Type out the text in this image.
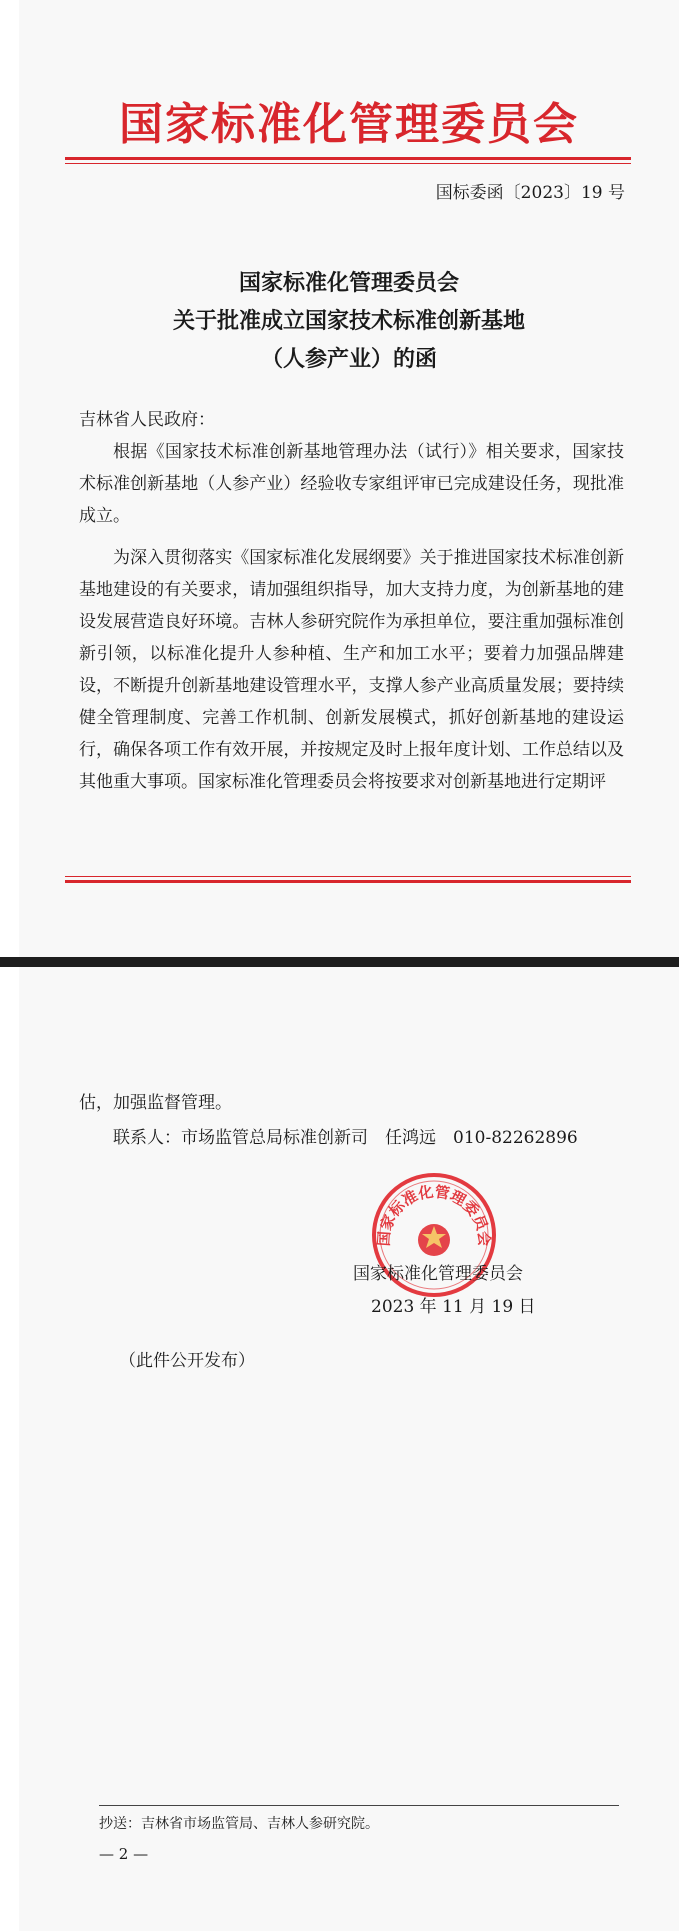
国家标准化管理委员会
国标委函〔2023〕19 号
国家标准化管理委员会
关于批准成立国家技术标准创新基地
（人参产业）的函

吉林省人民政府：

根据《国家技术标准创新基地管理办法（试行）》相关要求，国家技术标准创新基地（人参产业）经验收专家组评审已完成建设任务，现批准成立。

为深入贯彻落实《国家标准化发展纲要》关于推进国家技术标准创新基地建设的有关要求，请加强组织指导，加大支持力度，为创新基地的建设发展营造良好环境。吉林人参研究院作为承担单位，要注重加强标准创新引领，以标准化提升人参种植、生产和加工水平；要着力加强品牌建设，不断提升创新基地建设管理水平，支撑人参产业高质量发展；要持续健全管理制度、完善工作机制、创新发展模式，抓好创新基地的建设运行，确保各项工作有效开展，并按规定及时上报年度计划、工作总结以及其他重大事项。国家标准化管理委员会将按要求对创新基地进行定期评

估，加强监督管理。

联系人：市场监管总局标准创新司　任鸿远　010-82262896

国家标准化管理委员会
国家标准化管理委员会
2023 年 11 月 19 日

（此件公开发布）

抄送：吉林省市场监管局、吉林人参研究院。
— 2 —
